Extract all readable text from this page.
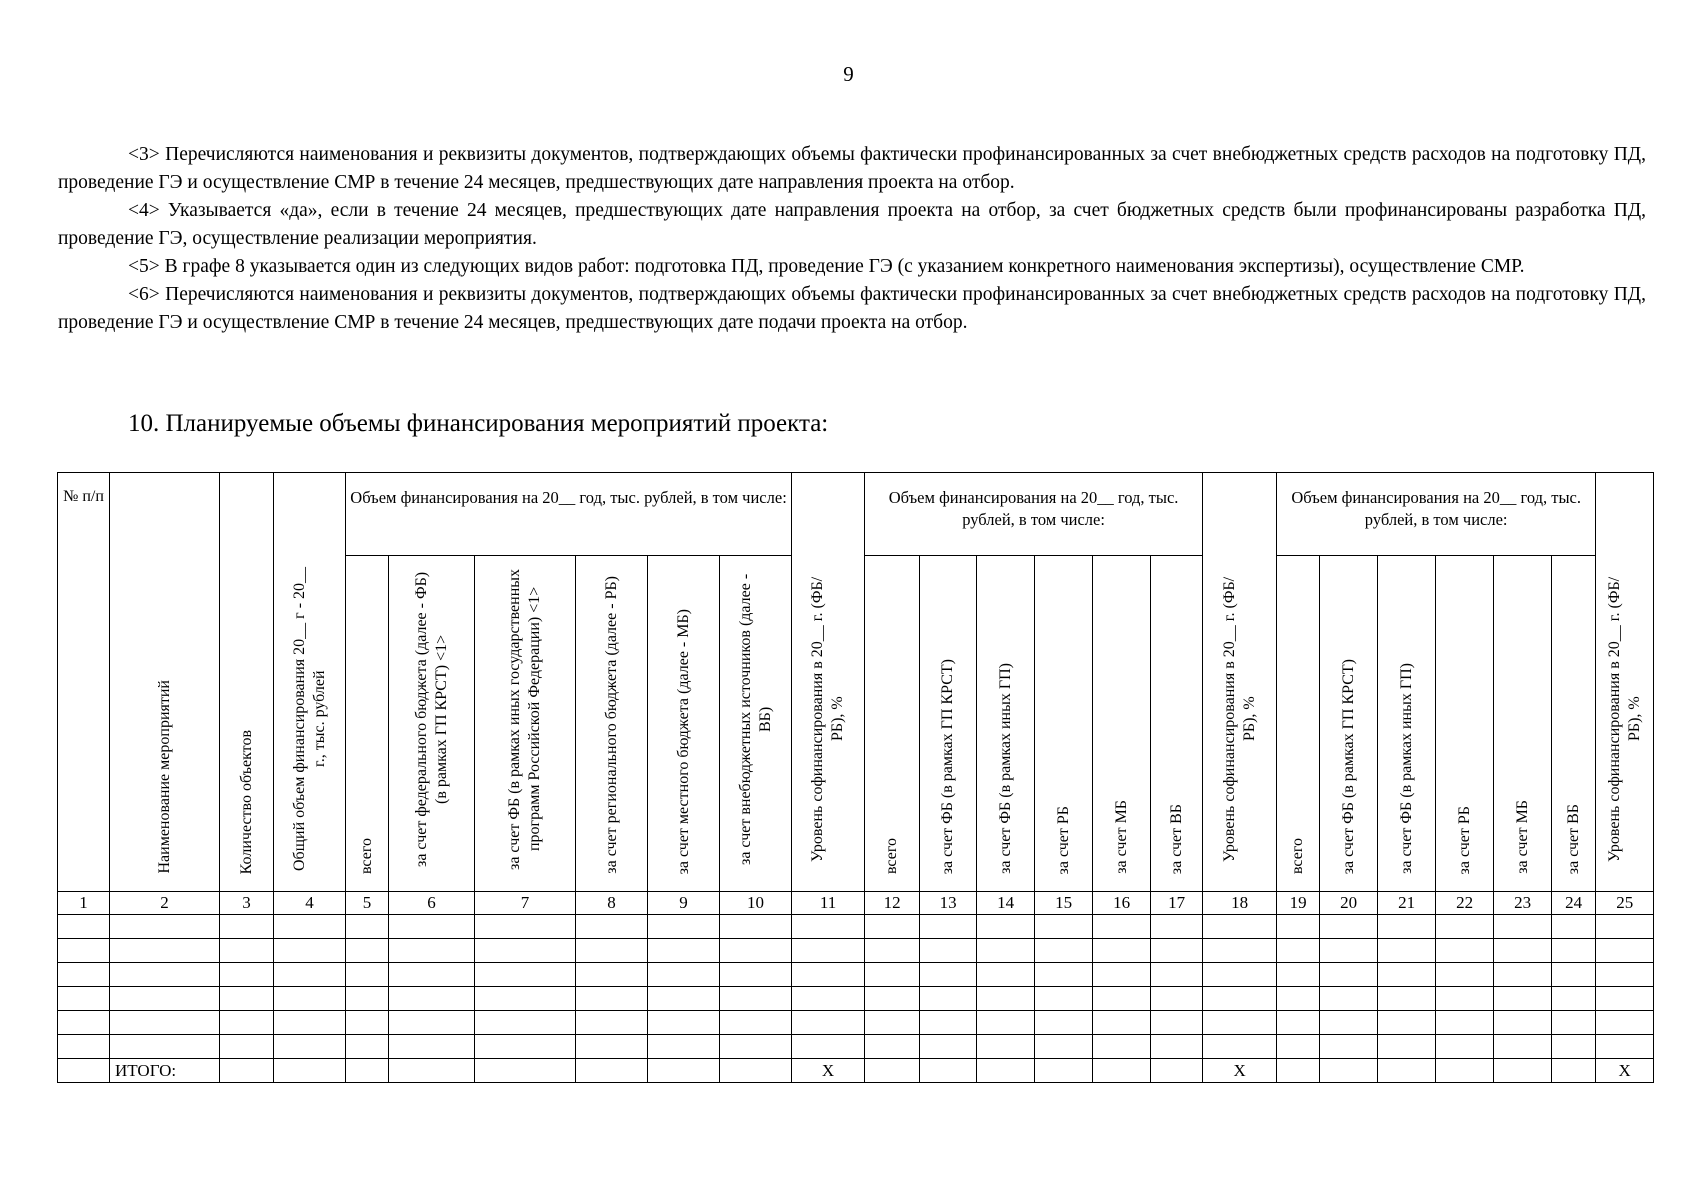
9

<3> Перечисляются наименования и реквизиты документов, подтверждающих объемы фактически профинансированных за счет внебюджетных средств расходов на подготовку ПД, проведение ГЭ и осуществление СМР в течение 24 месяцев, предшествующих дате направления проекта на отбор.

<4> Указывается «да», если в течение 24 месяцев, предшествующих дате направления проекта на отбор, за счет бюджетных средств были профинансированы разработка ПД, проведение ГЭ, осуществление реализации мероприятия.

<5> В графе 8 указывается один из следующих видов работ: подготовка ПД, проведение ГЭ (с указанием конкретного наименования экспертизы), осуществление СМР.

<6> Перечисляются наименования и реквизиты документов, подтверждающих объемы фактически профинансированных за счет внебюджетных средств расходов на подготовку ПД, проведение ГЭ и осуществление СМР в течение 24 месяцев, предшествующих дате подачи проекта на отбор.

10. Планируемые объемы финансирования мероприятий проекта:
№ п/п	Наименование мероприятий	Количество объектов	Общий объем финансирования 20__ г - 20__ г., тыс. рублей	Объем финансирования на 20__ год, тыс. рублей, в том числе:						Уровень софинансирования в 20__ г. (ФБ/РБ), %	Объем финансирования на 20__ год, тыс. рублей, в том числе:						Уровень софинансирования в 20__ г. (ФБ/РБ), %	Объем финансирования на 20__ год, тыс. рублей, в том числе:						Уровень софинансирования в 20__ г. (ФБ/РБ), %
				всего	за счет федерального бюджета (далее - ФБ) (в рамках ГП КРСТ) <1>	за счет ФБ (в рамках иных государственных программ Российской Федерации) <1>	за счет регионального бюджета (далее - РБ)	за счет местного бюджета (далее - МБ)	за счет внебюджетных источников (далее - ВБ)		всего	за счет ФБ (в рамках ГП КРСТ)	за счет ФБ (в рамках иных ГП)	за счет РБ	за счет МБ	за счет ВБ		всего	за счет ФБ (в рамках ГП КРСТ)	за счет ФБ (в рамках иных ГП)	за счет РБ	за счет МБ	за счет ВБ	
1	2	3	4	5	6	7	8	9	10	11	12	13	14	15	16	17	18	19	20	21	22	23	24	25

	ИТОГО:									X							X							X
